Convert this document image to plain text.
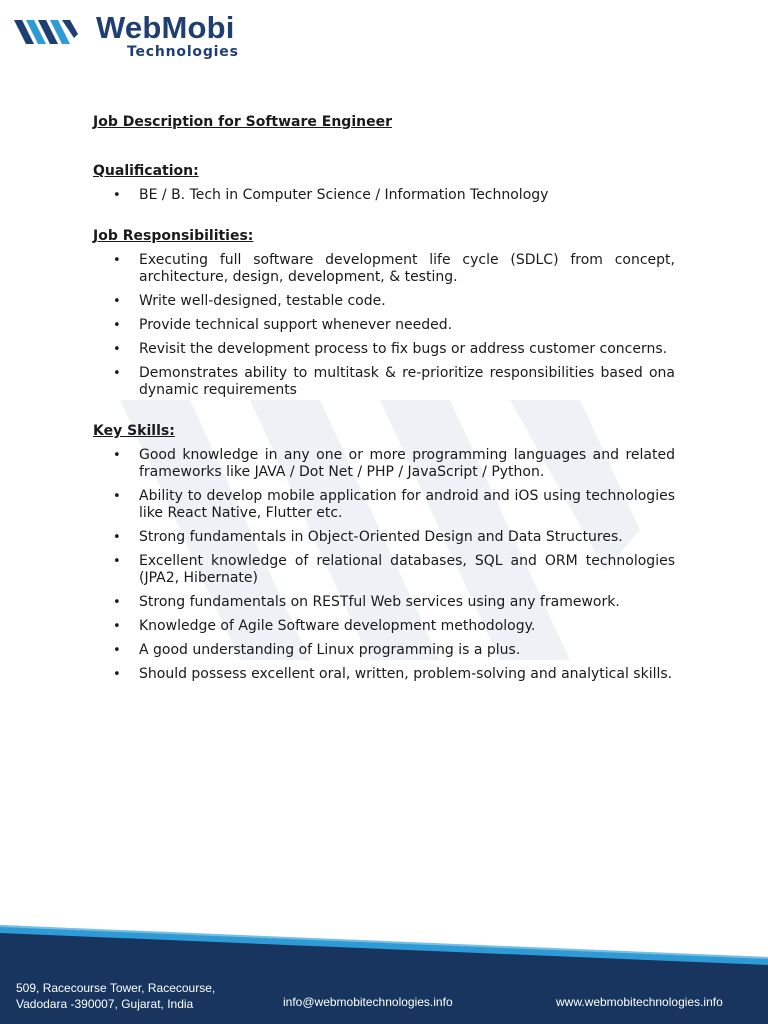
WebMobi
Technologies

Job Description for Software Engineer

Qualification:

• BE / B. Tech in Computer Science / Information Technology

Job Responsibilities:

• Executing full software development life cycle (SDLC) from concept, architecture, design, development, & testing.
• Write well-designed, testable code.
• Provide technical support whenever needed.
• Revisit the development process to fix bugs or address customer concerns.
• Demonstrates ability to multitask & re-prioritize responsibilities based ona dynamic requirements

Key Skills:

• Good knowledge in any one or more programming languages and related frameworks like JAVA / Dot Net / PHP / JavaScript / Python.
• Ability to develop mobile application for android and iOS using technologies like React Native, Flutter etc.
• Strong fundamentals in Object-Oriented Design and Data Structures.
• Excellent knowledge of relational databases, SQL and ORM technologies (JPA2, Hibernate)
• Strong fundamentals on RESTful Web services using any framework.
• Knowledge of Agile Software development methodology.
• A good understanding of Linux programming is a plus.
• Should possess excellent oral, written, problem-solving and analytical skills.
509, Racecourse Tower, Racecourse,
Vadodara -390007, Gujarat, India	info@webmobitechnologies.info	www.webmobitechnologies.info
